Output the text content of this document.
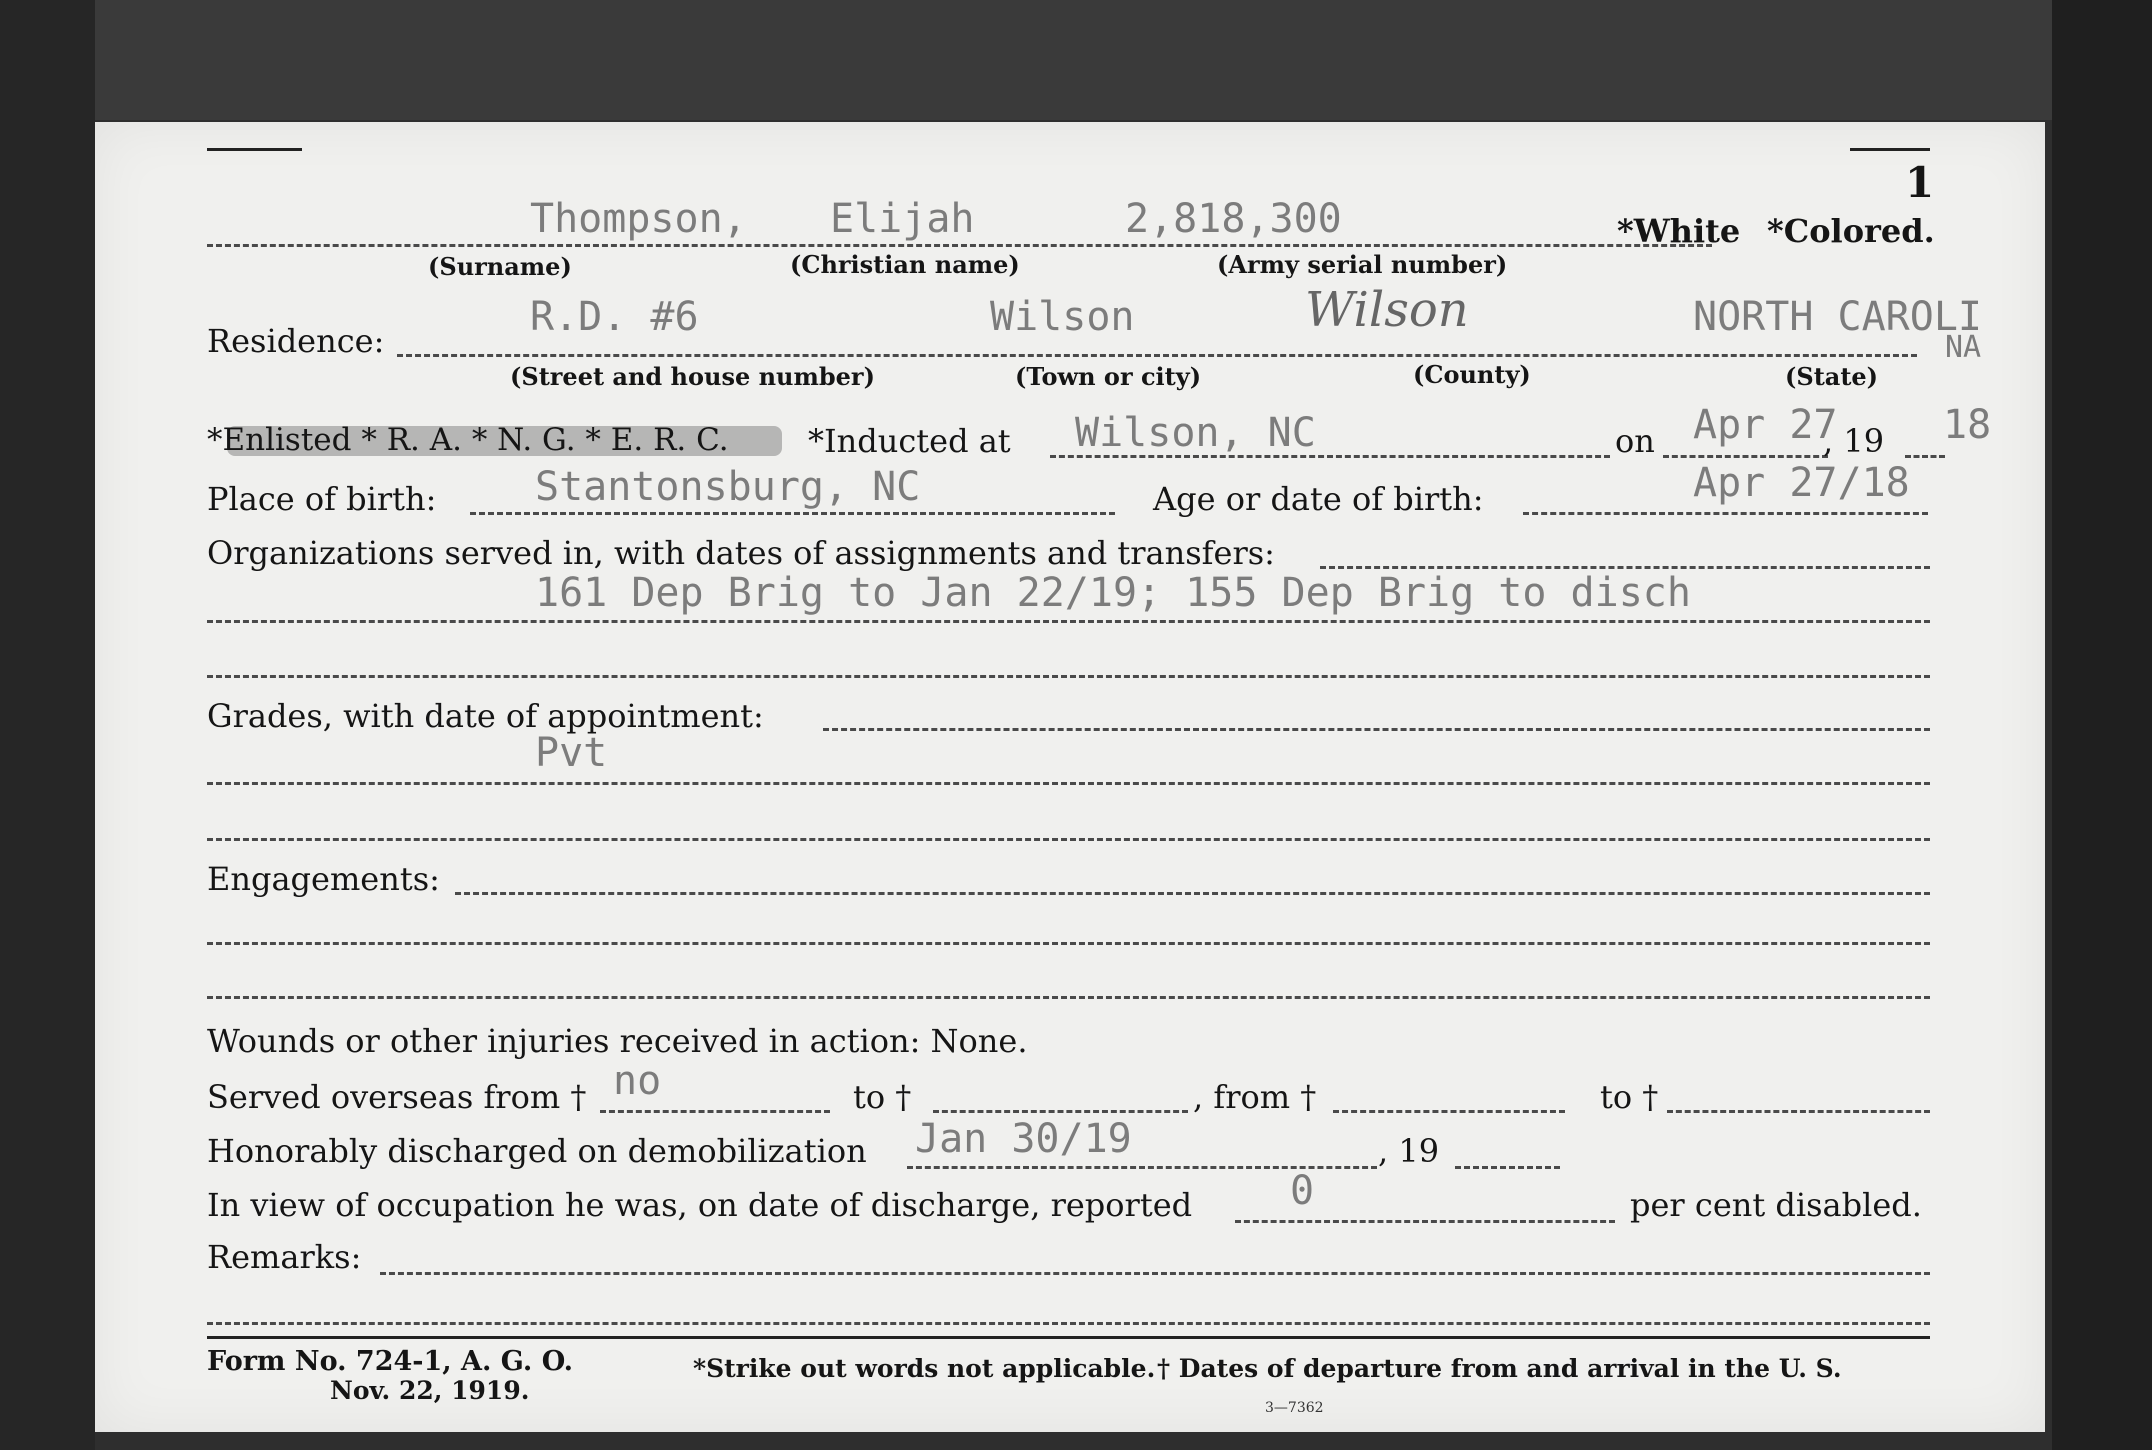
1
Thompson, Elijah	2,818,300	*White *Colored.
(Surname)	(Christian name)	(Army serial number)
Residence:
R.D. #6	Wilson	Wilson	NORTH CAROLI
NA
(Street and house number)	(Town or city)	(County)	(State)
*Enlisted * R. A. * N. G. * E. R. C. *Inducted at Wilson, NC	on Apr 27
, 19 18
Place of birth: Stantonsburg, NC	Age or date of birth:	Apr 27/18
Organizations served in, with dates of assignments and transfers:
161 Dep Brig to Jan 22/19; 155 Dep Brig to disch
Grades, with date of appointment:
Pvt
Engagements:
Wounds or other injuries received in action: None.
Served overseas from † no	to †	, from †	to †
Honorably discharged on demobilization Jan 30/19	, 19
In view of occupation he was, on date of discharge, reported 0	per cent disabled.
Remarks:
Form No. 724-1, A. G. O.
Nov. 22, 1919.
*Strike out words not applicable. † Dates of departure from and arrival in the U. S.
3—7362
